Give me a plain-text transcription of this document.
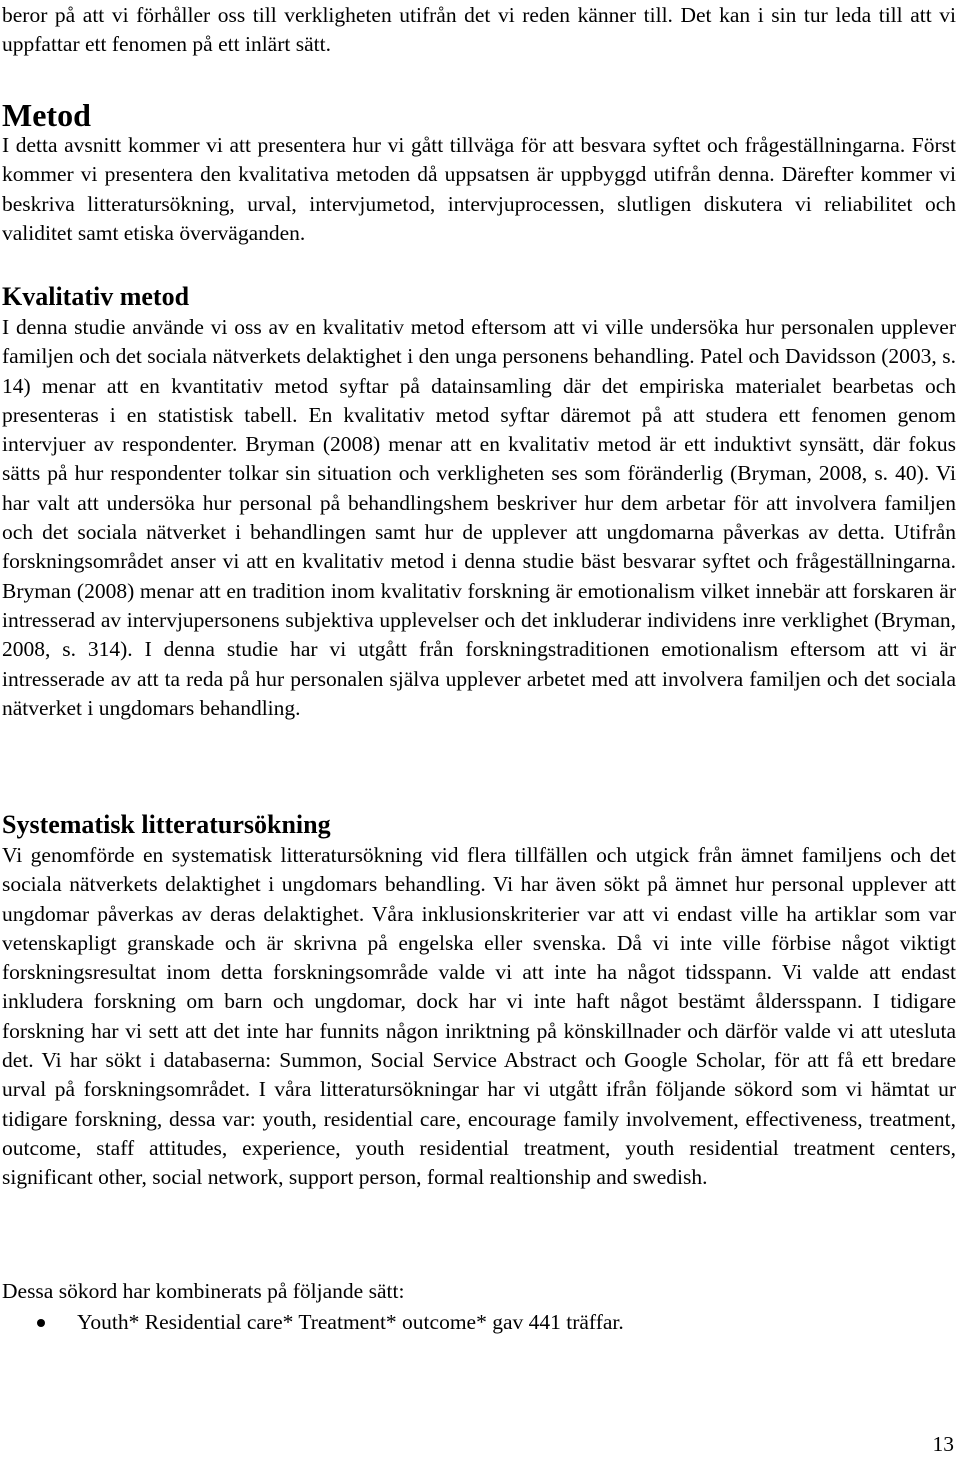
beror på att vi förhåller oss till verkligheten utifrån det vi reden känner till. Det kan i sin tur leda till att vi uppfattar ett fenomen på ett inlärt sätt.

Metod

I detta avsnitt kommer vi att presentera hur vi gått tillväga för att besvara syftet och frågeställningarna. Först kommer vi presentera den kvalitativa metoden då uppsatsen är uppbyggd utifrån denna. Därefter kommer vi beskriva litteratursökning, urval, intervjumetod, intervjuprocessen, slutligen diskutera vi reliabilitet och validitet samt etiska överväganden.

Kvalitativ metod

I denna studie använde vi oss av en kvalitativ metod eftersom att vi ville undersöka hur personalen upplever familjen och det sociala nätverkets delaktighet i den unga personens behandling. Patel och Davidsson (2003, s. 14) menar att en kvantitativ metod syftar på datainsamling där det empiriska materialet bearbetas och presenteras i en statistisk tabell. En kvalitativ metod syftar däremot på att studera ett fenomen genom intervjuer av respondenter. Bryman (2008) menar att en kvalitativ metod är ett induktivt synsätt, där fokus sätts på hur respondenter tolkar sin situation och verkligheten ses som föränderlig (Bryman, 2008, s. 40). Vi har valt att undersöka hur personal på behandlingshem beskriver hur dem arbetar för att involvera familjen och det sociala nätverket i behandlingen samt hur de upplever att ungdomarna påverkas av detta. Utifrån forskningsområdet anser vi att en kvalitativ metod i denna studie bäst besvarar syftet och frågeställningarna. Bryman (2008) menar att en tradition inom kvalitativ forskning är emotionalism vilket innebär att forskaren är intresserad av intervjupersonens subjektiva upplevelser och det inkluderar individens inre verklighet (Bryman, 2008, s. 314). I denna studie har vi utgått från forskningstraditionen emotionalism eftersom att vi är intresserade av att ta reda på hur personalen själva upplever arbetet med att involvera familjen och det sociala nätverket i ungdomars behandling.

Systematisk litteratursökning

Vi genomförde en systematisk litteratursökning vid flera tillfällen och utgick från ämnet familjens och det sociala nätverkets delaktighet i ungdomars behandling. Vi har även sökt på ämnet hur personal upplever att ungdomar påverkas av deras delaktighet. Våra inklusionskriterier var att vi endast ville ha artiklar som var vetenskapligt granskade och är skrivna på engelska eller svenska. Då vi inte ville förbise något viktigt forskningsresultat inom detta forskningsområde valde vi att inte ha något tidsspann. Vi valde att endast inkludera forskning om barn och ungdomar, dock har vi inte haft något bestämt åldersspann. I tidigare forskning har vi sett att det inte har funnits någon inriktning på könskillnader och därför valde vi att utesluta det. Vi har sökt i databaserna: Summon, Social Service Abstract och Google Scholar, för att få ett bredare urval på forskningsområdet. I våra litteratursökningar har vi utgått ifrån följande sökord som vi hämtat ur tidigare forskning, dessa var: youth, residential care, encourage family involvement, effectiveness, treatment, outcome, staff attitudes, experience, youth residential treatment, youth residential treatment centers, significant other, social network, support person, formal realtionship and swedish.

Dessa sökord har kombinerats på följande sätt:

Youth* Residential care* Treatment* outcome* gav 441 träffar.
13
